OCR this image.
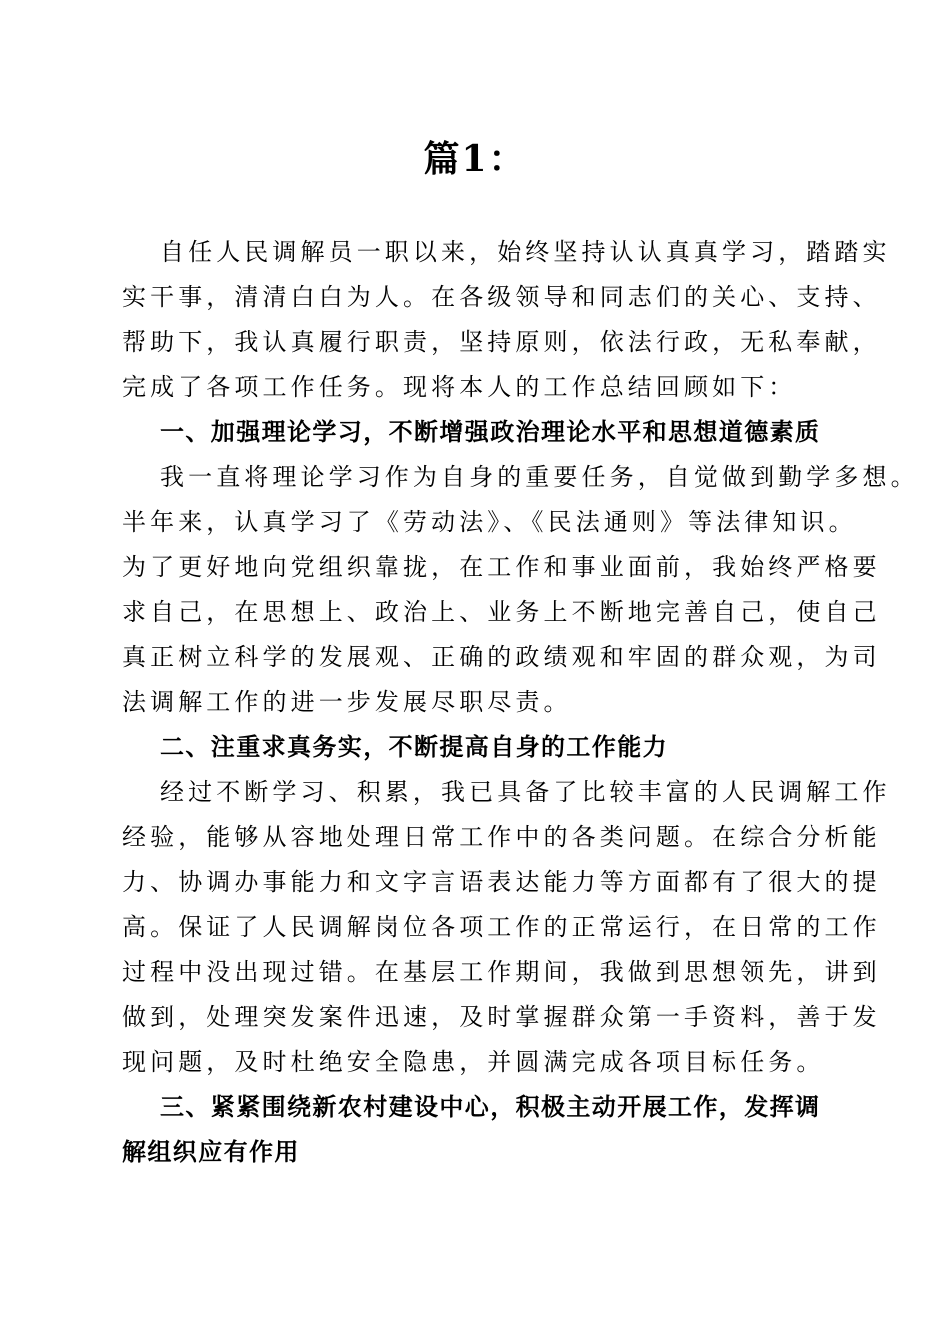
篇1：
自任人民调解员一职以来，始终坚持认认真真学习，踏踏实
实干事，清清白白为人。在各级领导和同志们的关心、支持、
帮助下，我认真履行职责，坚持原则，依法行政，无私奉献，
完成了各项工作任务。现将本人的工作总结回顾如下：
一、加强理论学习，不断增强政治理论水平和思想道德素质
我一直将理论学习作为自身的重要任务，自觉做到勤学多想。
半年来，认真学习了《劳动法》、《民法通则》等法律知识。
为了更好地向党组织靠拢，在工作和事业面前，我始终严格要
求自己，在思想上、政治上、业务上不断地完善自己，使自己
真正树立科学的发展观、正确的政绩观和牢固的群众观，为司
法调解工作的进一步发展尽职尽责。
二、注重求真务实，不断提高自身的工作能力
经过不断学习、积累，我已具备了比较丰富的人民调解工作
经验，能够从容地处理日常工作中的各类问题。在综合分析能
力、协调办事能力和文字言语表达能力等方面都有了很大的提
高。保证了人民调解岗位各项工作的正常运行，在日常的工作
过程中没出现过错。在基层工作期间，我做到思想领先，讲到
做到，处理突发案件迅速，及时掌握群众第一手资料，善于发
现问题，及时杜绝安全隐患，并圆满完成各项目标任务。
三、紧紧围绕新农村建设中心，积极主动开展工作，发挥调
解组织应有作用
